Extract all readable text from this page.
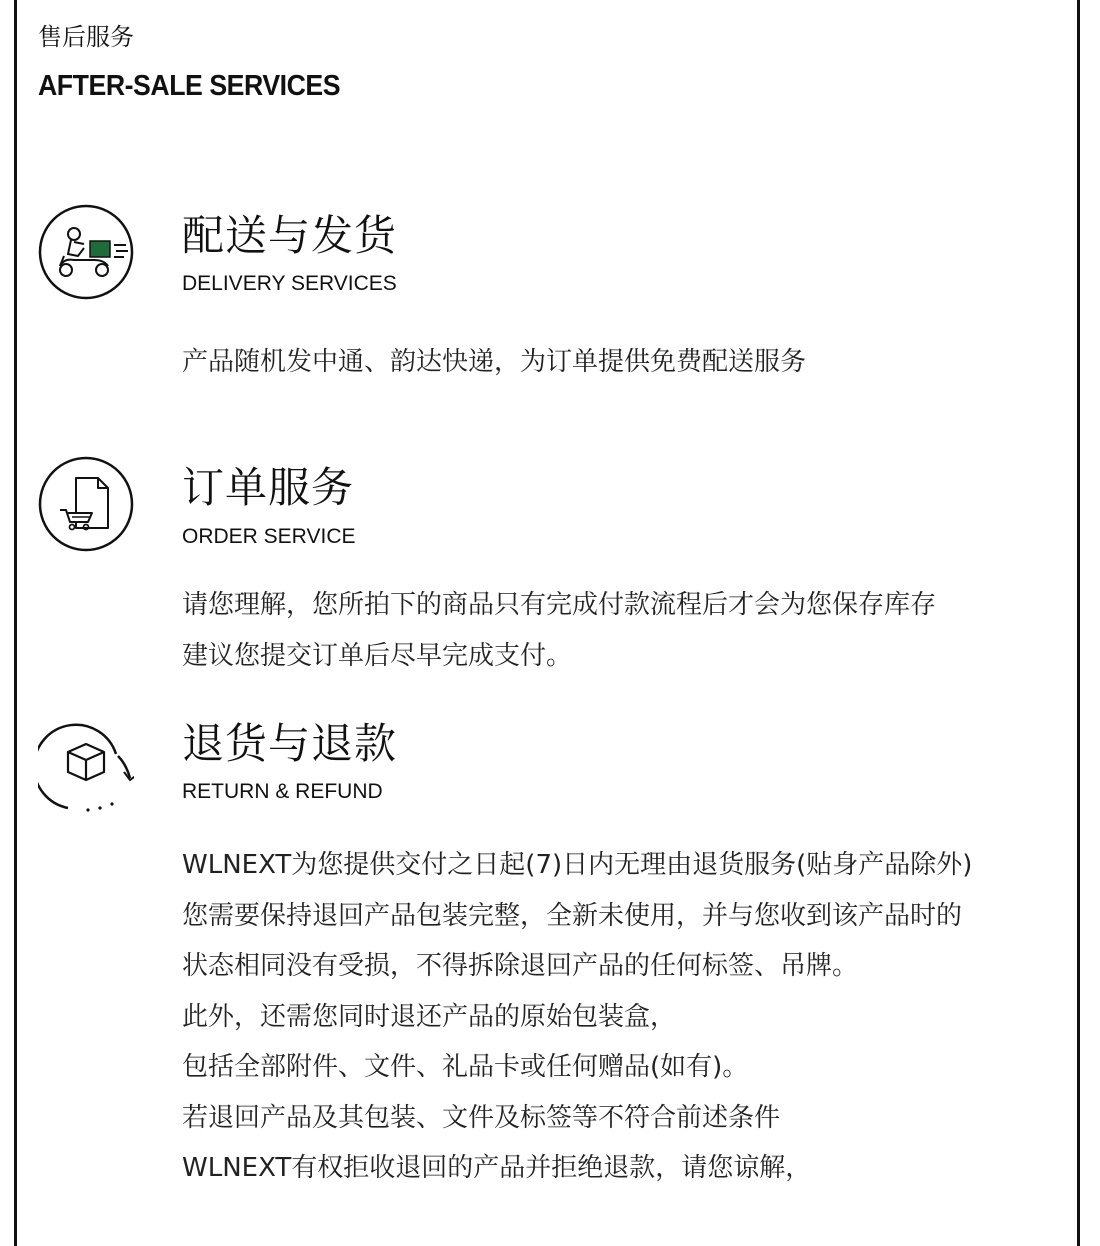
售后服务
AFTER-SALE SERVICES
配送与发货
DELIVERY SERVICES
产品随机发中通、韵达快递，为订单提供免费配送服务
订单服务
ORDER SERVICE
请您理解，您所拍下的商品只有完成付款流程后才会为您保存库存
建议您提交订单后尽早完成支付。
退货与退款
RETURN & REFUND
WLNEXT为您提供交付之日起(7)日内无理由退货服务(贴身产品除外)
您需要保持退回产品包装完整，全新未使用，并与您收到该产品时的
状态相同没有受损，不得拆除退回产品的任何标签、吊牌。
此外，还需您同时退还产品的原始包装盒，
包括全部附件、文件、礼品卡或任何赠品(如有)。
若退回产品及其包装、文件及标签等不符合前述条件
WLNEXT有权拒收退回的产品并拒绝退款，请您谅解，
